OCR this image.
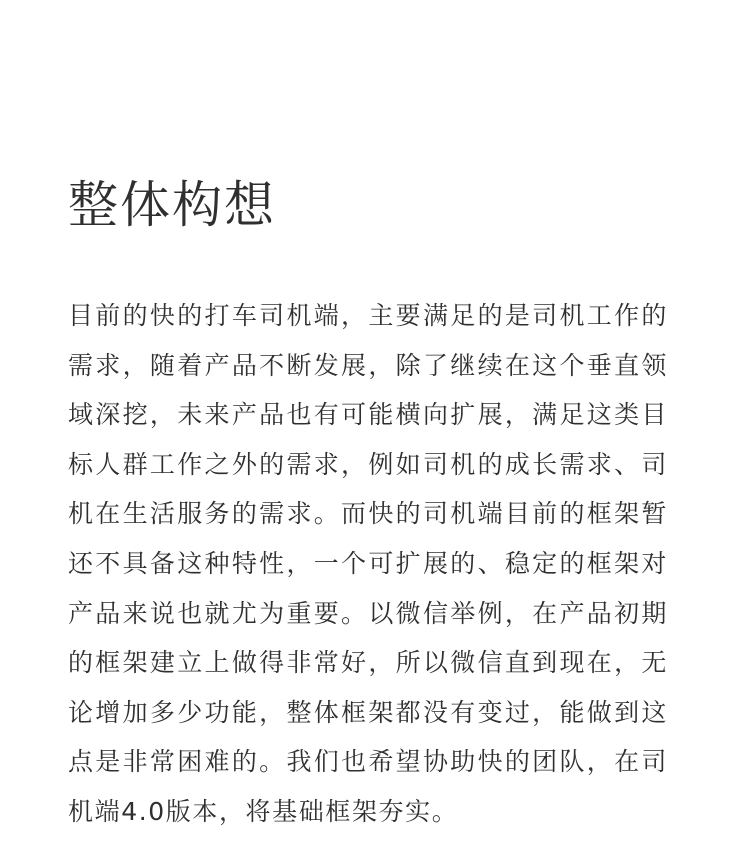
整体构想

目前的快的打车司机端，主要满足的是司机工作的需求，随着产品不断发展，除了继续在这个垂直领域深挖，未来产品也有可能横向扩展，满足这类目标人群工作之外的需求，例如司机的成长需求、司机在生活服务的需求。而快的司机端目前的框架暂还不具备这种特性，一个可扩展的、稳定的框架对产品来说也就尤为重要。以微信举例，在产品初期的框架建立上做得非常好，所以微信直到现在，无论增加多少功能，整体框架都没有变过，能做到这点是非常困难的。我们也希望协助快的团队，在司机端4.0版本，将基础框架夯实。
